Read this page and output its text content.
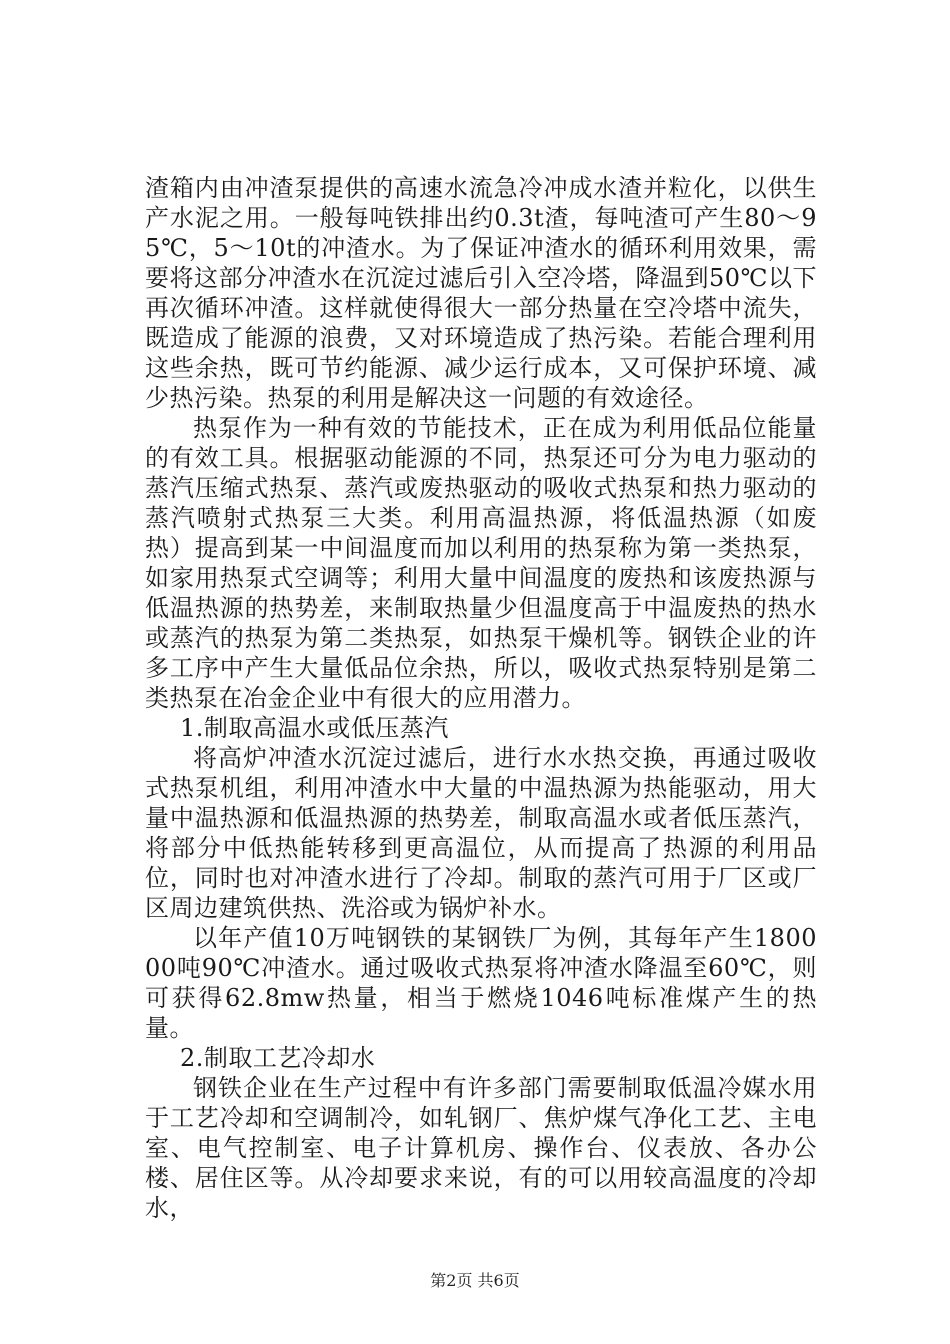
渣箱内由冲渣泵提供的高速水流急冷冲成水渣并粒化，以供生产水泥之用。一般每吨铁排出约0.3t渣，每吨渣可产生80～95℃，5～10t的冲渣水。为了保证冲渣水的循环利用效果，需要将这部分冲渣水在沉淀过滤后引入空冷塔，降温到50℃以下再次循环冲渣。这样就使得很大一部分热量在空冷塔中流失，既造成了能源的浪费，又对环境造成了热污染。若能合理利用这些余热，既可节约能源、减少运行成本，又可保护环境、减少热污染。热泵的利用是解决这一问题的有效途径。

热泵作为一种有效的节能技术，正在成为利用低品位能量的有效工具。根据驱动能源的不同，热泵还可分为电力驱动的蒸汽压缩式热泵、蒸汽或废热驱动的吸收式热泵和热力驱动的蒸汽喷射式热泵三大类。利用高温热源，将低温热源（如废热）提高到某一中间温度而加以利用的热泵称为第一类热泵，如家用热泵式空调等；利用大量中间温度的废热和该废热源与低温热源的热势差，来制取热量少但温度高于中温废热的热水或蒸汽的热泵为第二类热泵，如热泵干燥机等。钢铁企业的许多工序中产生大量低品位余热，所以，吸收式热泵特别是第二类热泵在冶金企业中有很大的应用潜力。

1.制取高温水或低压蒸汽

将高炉冲渣水沉淀过滤后，进行水水热交换，再通过吸收式热泵机组，利用冲渣水中大量的中温热源为热能驱动，用大量中温热源和低温热源的热势差，制取高温水或者低压蒸汽，将部分中低热能转移到更高温位，从而提高了热源的利用品位，同时也对冲渣水进行了冷却。制取的蒸汽可用于厂区或厂区周边建筑供热、洗浴或为锅炉补水。

以年产值10万吨钢铁的某钢铁厂为例，其每年产生180000吨90℃冲渣水。通过吸收式热泵将冲渣水降温至60℃，则可获得62.8mw热量，相当于燃烧1046吨标准煤产生的热量。

2.制取工艺冷却水

钢铁企业在生产过程中有许多部门需要制取低温冷媒水用于工艺冷却和空调制冷，如轧钢厂、焦炉煤气净化工艺、主电室、电气控制室、电子计算机房、操作台、仪表放、各办公楼、居住区等。从冷却要求来说，有的可以用较高温度的冷却水，

第2页 共6页
